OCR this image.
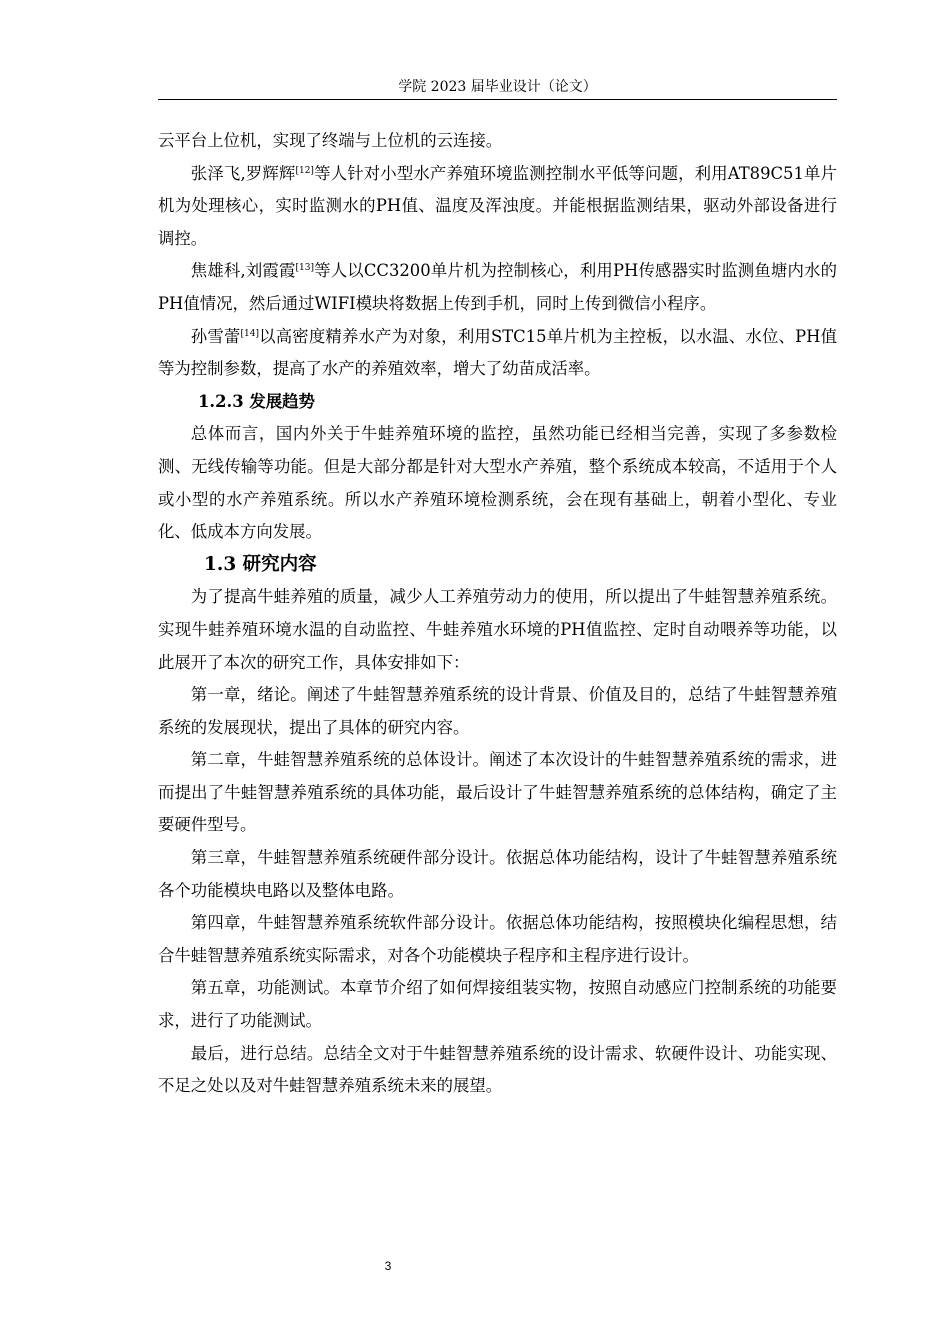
学院 2023 届毕业设计（论文）

云平台上位机，实现了终端与上位机的云连接。

张泽飞,罗辉辉[12]等人针对小型水产养殖环境监测控制水平低等问题，利用AT89C51单片机为处理核心，实时监测水的PH值、温度及浑浊度。并能根据监测结果，驱动外部设备进行调控。

焦雄科,刘霞霞[13]等人以CC3200单片机为控制核心，利用PH传感器实时监测鱼塘内水的PH值情况，然后通过WIFI模块将数据上传到手机，同时上传到微信小程序。

孙雪蕾[14]以高密度精养水产为对象，利用STC15单片机为主控板，以水温、水位、PH值等为控制参数，提高了水产的养殖效率，增大了幼苗成活率。

1.2.3 发展趋势

总体而言，国内外关于牛蛙养殖环境的监控，虽然功能已经相当完善，实现了多参数检测、无线传输等功能。但是大部分都是针对大型水产养殖，整个系统成本较高，不适用于个人或小型的水产养殖系统。所以水产养殖环境检测系统，会在现有基础上，朝着小型化、专业化、低成本方向发展。

1.3 研究内容

为了提高牛蛙养殖的质量，减少人工养殖劳动力的使用，所以提出了牛蛙智慧养殖系统。实现牛蛙养殖环境水温的自动监控、牛蛙养殖水环境的PH值监控、定时自动喂养等功能，以此展开了本次的研究工作，具体安排如下：

第一章，绪论。阐述了牛蛙智慧养殖系统的设计背景、价值及目的，总结了牛蛙智慧养殖系统的发展现状，提出了具体的研究内容。

第二章，牛蛙智慧养殖系统的总体设计。阐述了本次设计的牛蛙智慧养殖系统的需求，进而提出了牛蛙智慧养殖系统的具体功能，最后设计了牛蛙智慧养殖系统的总体结构，确定了主要硬件型号。

第三章，牛蛙智慧养殖系统硬件部分设计。依据总体功能结构，设计了牛蛙智慧养殖系统各个功能模块电路以及整体电路。

第四章，牛蛙智慧养殖系统软件部分设计。依据总体功能结构，按照模块化编程思想，结合牛蛙智慧养殖系统实际需求，对各个功能模块子程序和主程序进行设计。

第五章，功能测试。本章节介绍了如何焊接组装实物，按照自动感应门控制系统的功能要求，进行了功能测试。

最后，进行总结。总结全文对于牛蛙智慧养殖系统的设计需求、软硬件设计、功能实现、不足之处以及对牛蛙智慧养殖系统未来的展望。

3
